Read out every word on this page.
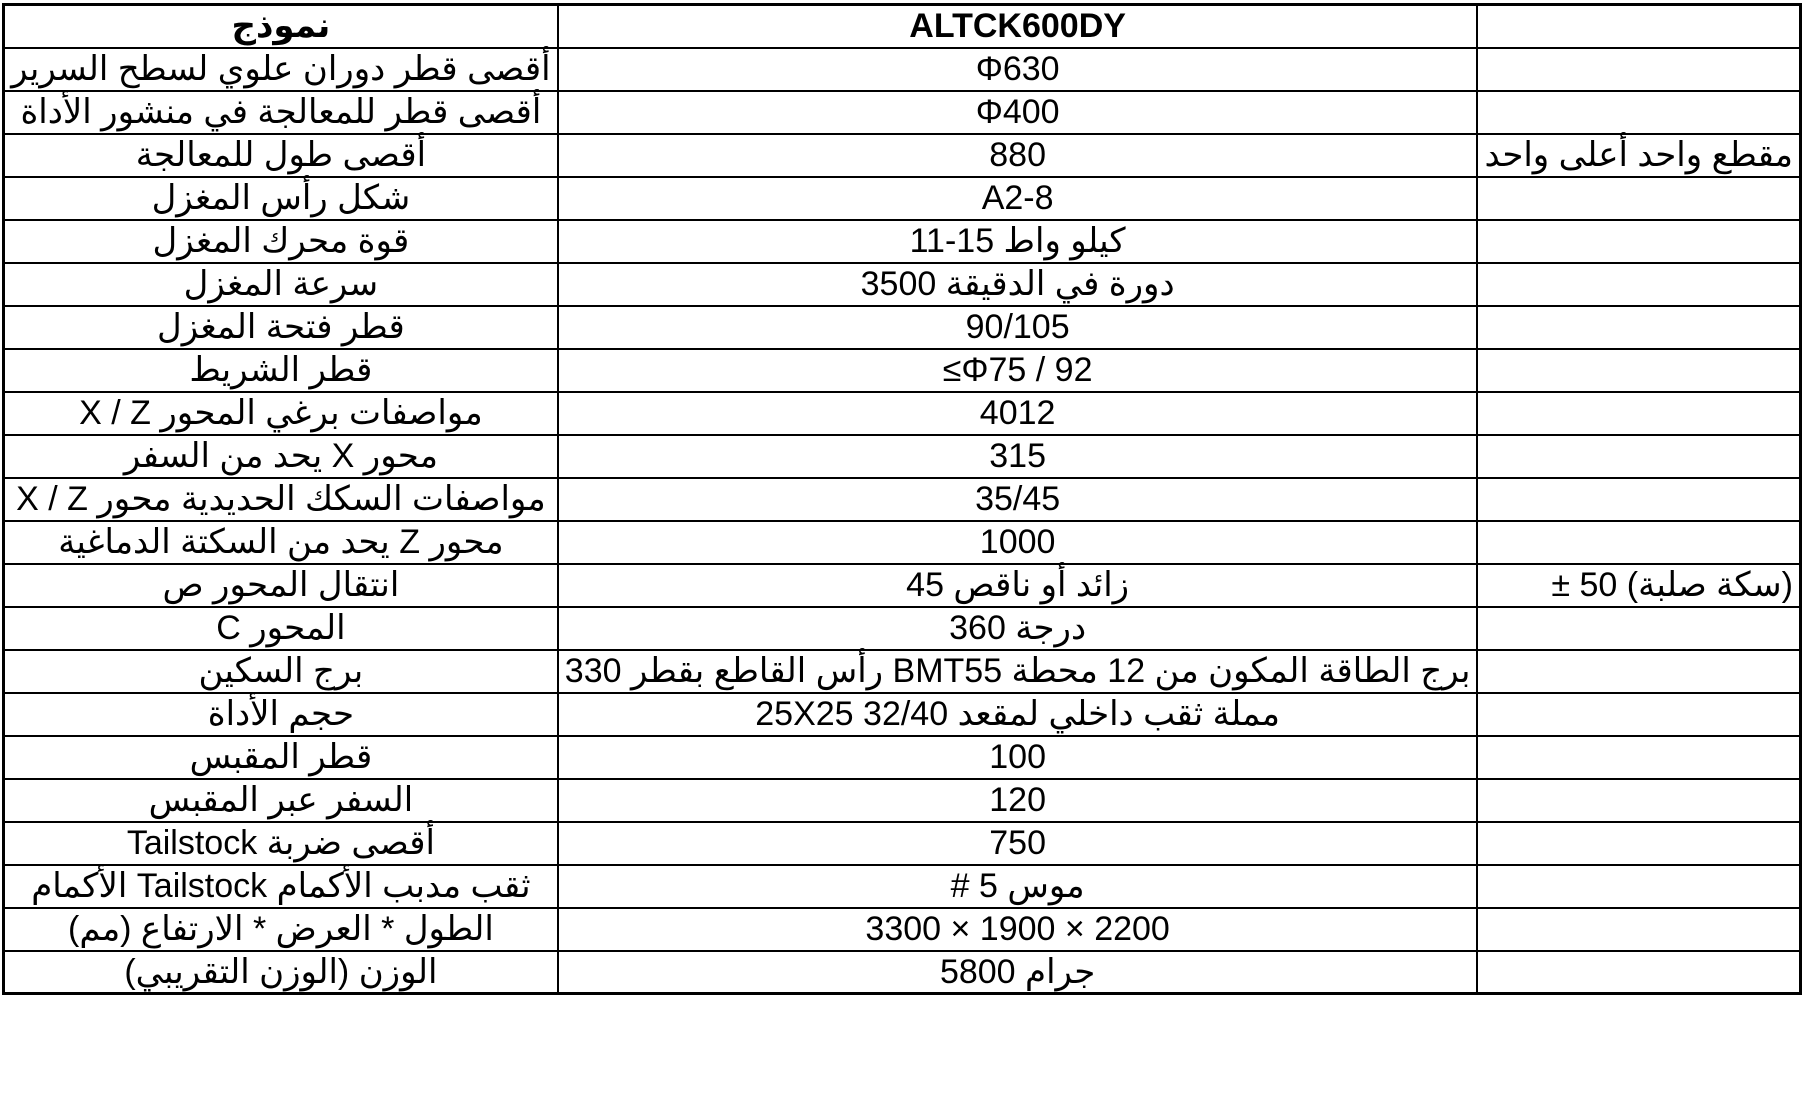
نموذج	ALTCK600DY	
أقصى قطر دوران علوي لسطح السرير	Φ630	
أقصى قطر للمعالجة في منشور الأداة	Φ400	
أقصى طول للمعالجة	880	مقطع واحد أعلى واحد
شكل رأس المغزل	A2-8	
قوة محرك المغزل	كيلو واط 15-11	
سرعة المغزل	دورة في الدقيقة 3500	
قطر فتحة المغزل	90/105	
قطر الشريط	≤Φ75 / 92	
مواصفات برغي المحور X / Z	4012	
محور X يحد من السفر	315	
مواصفات السكك الحديدية محور X / Z	35/45	
محور Z يحد من السكتة الدماغية	1000	
انتقال المحور ص	زائد أو ناقص 45	(سكة صلبة) 50 ±
المحور C	درجة 360	
برج السكين	برج الطاقة المكون من 12 محطة BMT55 رأس القاطع بقطر 330	
حجم الأداة	مملة ثقب داخلي لمقعد 32/40 25X25	
قطر المقبس	100	
السفر عبر المقبس	120	
أقصى ضربة Tailstock	750	
ثقب مدبب الأكمام Tailstock الأكمام	موس 5 #	
الطول * العرض * الارتفاع (مم)	2200 × 1900 × 3300	
الوزن (الوزن التقريبي)	جرام 5800	
